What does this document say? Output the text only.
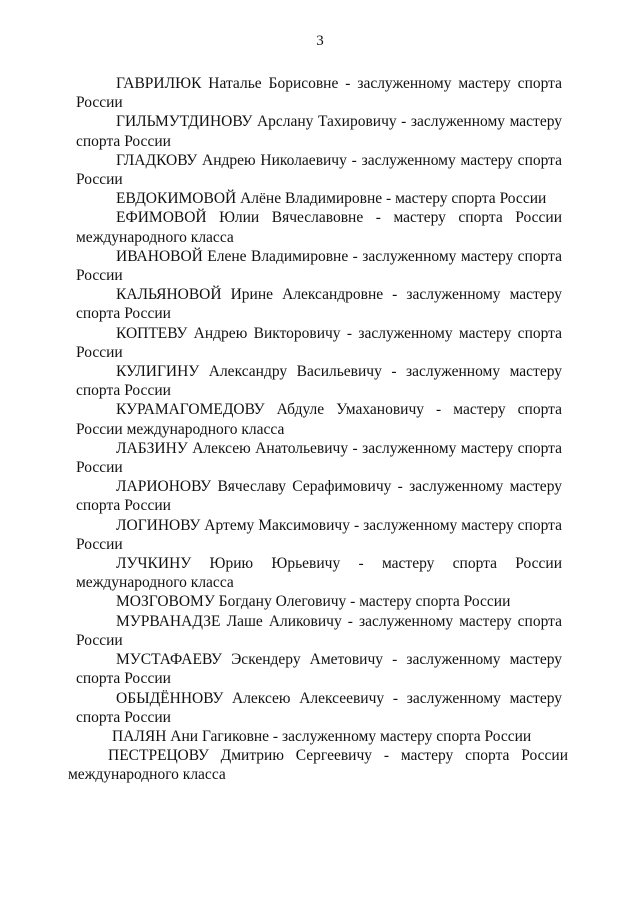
3

ГАВРИЛЮК Наталье Борисовне - заслуженному мастеру спорта России

ГИЛЬМУТДИНОВУ Арслану Тахировичу - заслуженному мастеру спорта России

ГЛАДКОВУ Андрею Николаевичу - заслуженному мастеру спорта России

ЕВДОКИМОВОЙ Алёне Владимировне - мастеру спорта России

ЕФИМОВОЙ Юлии Вячеславовне - мастеру спорта России международного класса

ИВАНОВОЙ Елене Владимировне - заслуженному мастеру спорта России

КАЛЬЯНОВОЙ Ирине Александровне - заслуженному мастеру спорта России

КОПТЕВУ Андрею Викторовичу - заслуженному мастеру спорта России

КУЛИГИНУ Александру Васильевичу - заслуженному мастеру спорта России

КУРАМАГОМЕДОВУ Абдуле Умахановичу - мастеру спорта России международного класса

ЛАБЗИНУ Алексею Анатольевичу - заслуженному мастеру спорта России

ЛАРИОНОВУ Вячеславу Серафимовичу - заслуженному мастеру спорта России

ЛОГИНОВУ Артему Максимовичу - заслуженному мастеру спорта России

ЛУЧКИНУ Юрию Юрьевичу - мастеру спорта России международного класса

МОЗГОВОМУ Богдану Олеговичу - мастеру спорта России

МУРВАНАДЗЕ Лаше Аликовичу - заслуженному мастеру спорта России

МУСТАФАЕВУ Эскендеру Аметовичу - заслуженному мастеру спорта России

ОБЫДЁННОВУ Алексею Алексеевичу - заслуженному мастеру спорта России

ПАЛЯН Ани Гагиковне - заслуженному мастеру спорта России

ПЕСТРЕЦОВУ Дмитрию Сергеевичу - мастеру спорта России международного класса
